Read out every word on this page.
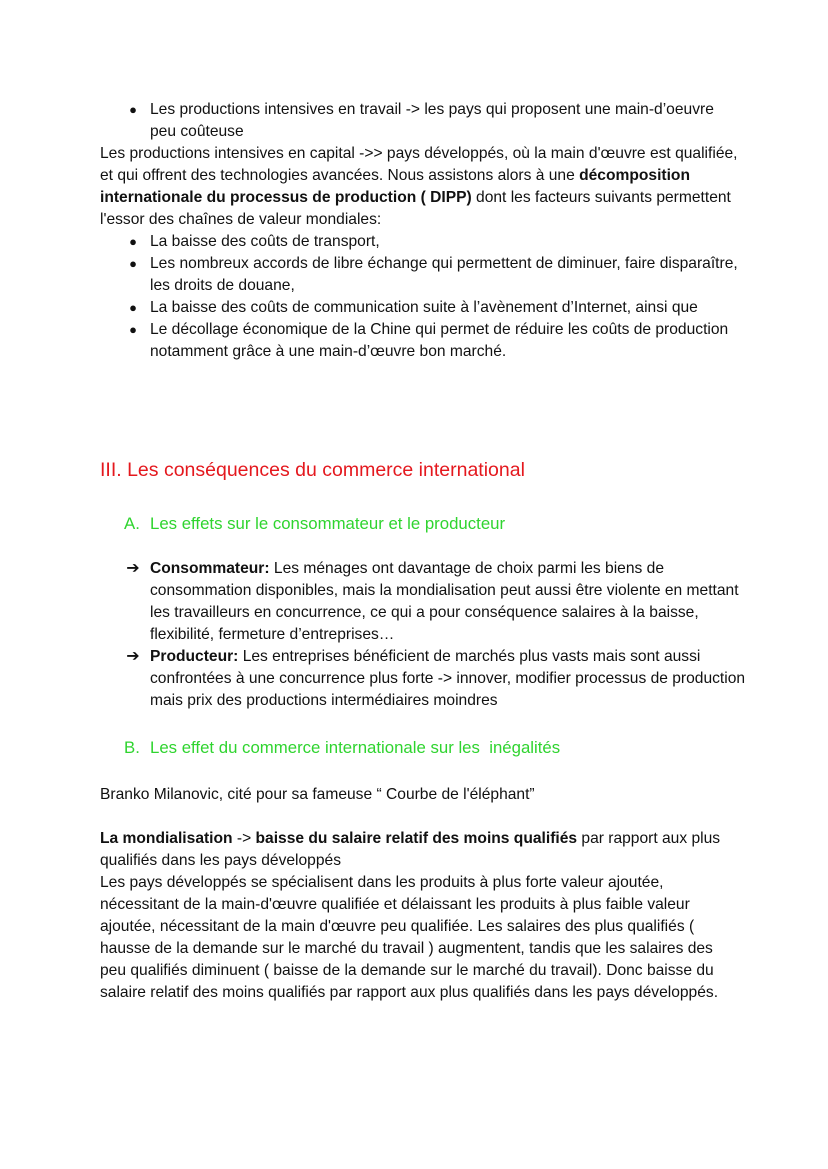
● Les productions intensives en travail -> les pays qui proposent une main-d’oeuvre peu coûteuse

Les productions intensives en capital ->> pays développés, où la main d'œuvre est qualifiée, et qui offrent des technologies avancées. Nous assistons alors à une décomposition internationale du processus de production ( DIPP) dont les facteurs suivants permettent l'essor des chaînes de valeur mondiales:

● La baisse des coûts de transport,
● Les nombreux accords de libre échange qui permettent de diminuer, faire disparaître, les droits de douane,
● La baisse des coûts de communication suite à l’avènement d’Internet, ainsi que
● Le décollage économique de la Chine qui permet de réduire les coûts de production notamment grâce à une main-d’œuvre bon marché.
III. Les conséquences du commerce international
A. Les effets sur le consommateur et le producteur
➔ Consommateur: Les ménages ont davantage de choix parmi les biens de consommation disponibles, mais la mondialisation peut aussi être violente en mettant les travailleurs en concurrence, ce qui a pour conséquence salaires à la baisse, flexibilité, fermeture d’entreprises…
➔ Producteur: Les entreprises bénéficient de marchés plus vasts mais sont aussi confrontées à une concurrence plus forte -> innover, modifier processus de production mais prix des productions intermédiaires moindres
B. Les effet du commerce internationale sur les  inégalités
Branko Milanovic, cité pour sa fameuse “ Courbe de l'éléphant”

La mondialisation -> baisse du salaire relatif des moins qualifiés par rapport aux plus qualifiés dans les pays développés

Les pays développés se spécialisent dans les produits à plus forte valeur ajoutée, nécessitant de la main-d'œuvre qualifiée et délaissant les produits à plus faible valeur ajoutée, nécessitant de la main d'œuvre peu qualifiée. Les salaires des plus qualifiés ( hausse de la demande sur le marché du travail ) augmentent, tandis que les salaires des peu qualifiés diminuent ( baisse de la demande sur le marché du travail). Donc baisse du salaire relatif des moins qualifiés par rapport aux plus qualifiés dans les pays développés.
